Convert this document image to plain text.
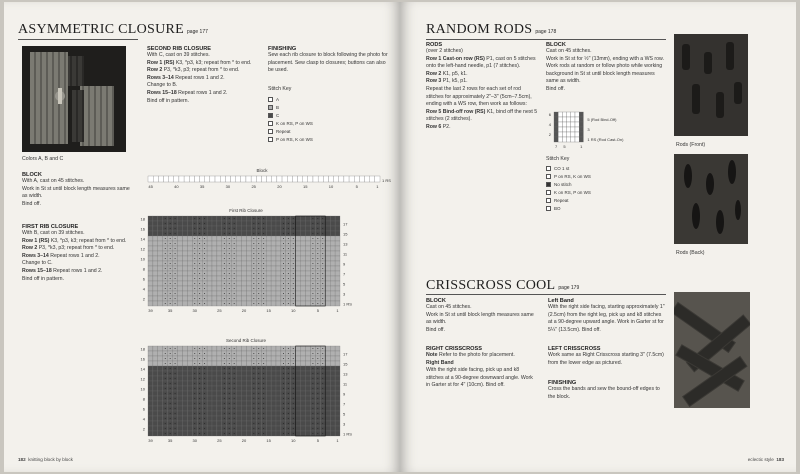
ASYMMETRIC CLOSURE page 177
Colors A, B and C
SECOND RIB CLOSURE

With C, cast on 39 stitches.

Row 1 (RS) K3, *p3, k3; repeat from * to end.

Row 2 P3, *k3, p3; repeat from * to end.

Rows 3–14 Repeat rows 1 and 2.

Change to B.

Rows 15–18 Repeat rows 1 and 2.

Bind off in pattern.

FINISHING

Sew each rib closure to block following the photo for placement. Sew clasp to closures; buttons can also be used.

Stitch Key
A
B
C
K on RS, P on WS
Repeat
P on RS, K on WS
BLOCK

With A, cast on 45 stitches.

Work in St st until block length measures same as width.

Bind off.

FIRST RIB CLOSURE

With B, cast on 39 stitches.

Row 1 (RS) K3, *p3, k3; repeat from * to end.

Row 2 P3, *k3, p3; repeat from * to end.

Rows 3–14 Repeat rows 1 and 2.

Change to C.

Rows 15–18 Repeat rows 1 and 2.

Bind off in pattern.

Block
1 RS
45	40	35	30	25	20	15	10	5	1
First Rib Closure
18
16
14
12
10
8
6
4
2
17
15
13
11
9
7
5
3
1 RS
39	35	30	25	20	15	10	5	1
Second Rib Closure
18
16
14
12
10
8
6
4
2
17
15
13
11
9
7
5
3
1 RS
39	35	30	25	20	15	10	5	1
182 knitting block by block
RANDOM RODS page 178
RODS

(over 2 stitches)

Row 1 Cast-on row (RS) P1, cast on 5 stitches onto the left-hand needle, p1 (7 stitches).

Row 2 K1, p5, k1.

Row 3 P1, k5, p1.

Repeat the last 2 rows for each set of rod stitches for approximately 2"–3" (5cm–7.5cm), ending with a WS row, then work as follows:

Row 5 Bind-off row (RS) K1, bind off the next 5 stitches (2 stitches).

Row 6 P2.

BLOCK

Cast on 45 stitches.

Work in St st for ½" (13mm), ending with a WS row. Work rods at random or follow photo while working background in St st until block length measures same as width.

Bind off.

6
4
2
5 (Rod Bind-Off)
1 RS (Rod Cast-On)
3
7 5	1
Stitch Key
CO 1 st
P on RS, K on WS
No stitch
K on RS, P on WS
Repeat
BO
Rods (Front)
Rods (Back)
CRISSCROSS COOL page 179
BLOCK

Cast on 45 stitches.

Work in St st until block length measures same as width.

Bind off.

RIGHT CRISSCROSS

Note Refer to the photo for placement.

Right Band

With the right side facing, pick up and k8 stitches at a 90-degree downward angle. Work in Garter st for 4" (10cm). Bind off.

Left Band

With the right side facing, starting approximately 1" (2.5cm) from the right leg, pick up and k8 stitches at a 90-degree upward angle. Work in Garter st for 5¼" (13.5cm). Bind off.

LEFT CRISSCROSS

Work same as Right Crisscross starting 3" (7.5cm) from the lower edge as pictured.

FINISHING

Cross the bands and sew the bound-off edges to the block.

eclectic style 183
